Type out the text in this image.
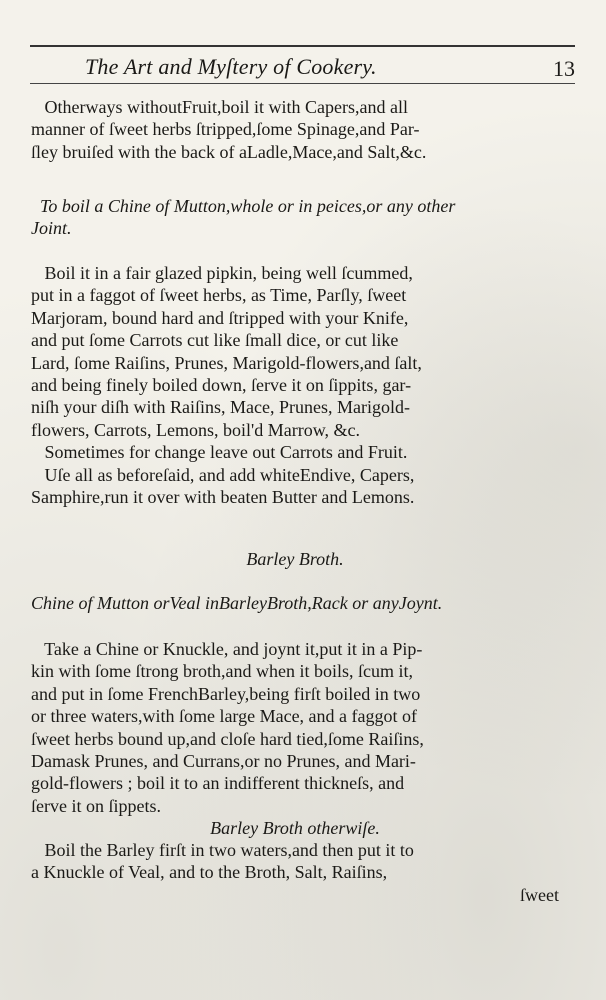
The Art and Myſtery of Cookery.	13
Otherways withoutFruit,boil it with Capers,and all
manner of ſweet herbs ſtripped,ſome Spinage,and Par-
ſley bruiſed with the back of aLadle,Mace,and Salt,&c.
To boil a Chine of Mutton,whole or in peices,or any other
Joint.
Boil it in a fair glazed pipkin, being well ſcummed,
put in a faggot of ſweet herbs, as Time, Parſly, ſweet
Marjoram, bound hard and ſtripped with your Knife,
and put ſome Carrots cut like ſmall dice, or cut like
Lard, ſome Raiſins, Prunes, Marigold-flowers,and ſalt,
and being finely boiled down, ſerve it on ſippits, gar-
niſh your diſh with Raiſins, Mace, Prunes, Marigold-
flowers, Carrots, Lemons, boil'd Marrow, &c.
Sometimes for change leave out Carrots and Fruit.
Uſe all as beforeſaid, and add whiteEndive, Capers,
Samphire,run it over with beaten Butter and Lemons.
Barley Broth.
Chine of Mutton orVeal inBarleyBroth,Rack or anyJoynt.
Take a Chine or Knuckle, and joynt it,put it in a Pip-
kin with ſome ſtrong broth,and when it boils, ſcum it,
and put in ſome FrenchBarley,being firſt boiled in two
or three waters,with ſome large Mace, and a faggot of
ſweet herbs bound up,and cloſe hard tied,ſome Raiſins,
Damask Prunes, and Currans,or no Prunes, and Mari-
gold-flowers ; boil it to an indifferent thickneſs, and
ſerve it on ſippets.
Barley Broth otherwiſe.
Boil the Barley firſt in two waters,and then put it to
a Knuckle of Veal, and to the Broth, Salt, Raiſins,
ſweet
